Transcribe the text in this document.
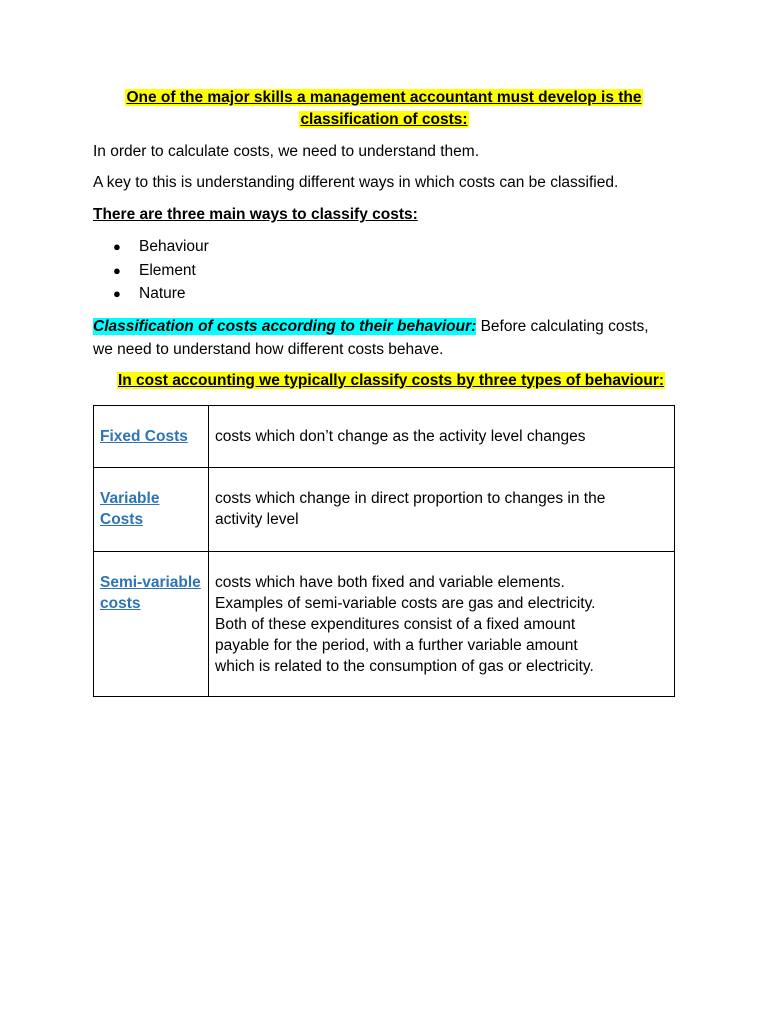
One of the major skills a management accountant must develop is the
classification of costs:

In order to calculate costs, we need to understand them.

A key to this is understanding different ways in which costs can be classified.

There are three main ways to classify costs:

● Behaviour
● Element
● Nature

Classification of costs according to their behaviour: Before calculating costs,
we need to understand how different costs behave.

In cost accounting we typically classify costs by three types of behaviour:

Fixed Costs	costs which don’t change as the activity level changes
Variable Costs	costs which change in direct proportion to changes in the
activity level
Semi-variable
costs	costs which have both fixed and variable elements.
Examples of semi-variable costs are gas and electricity.
Both of these expenditures consist of a fixed amount
payable for the period, with a further variable amount
which is related to the consumption of gas or electricity.
